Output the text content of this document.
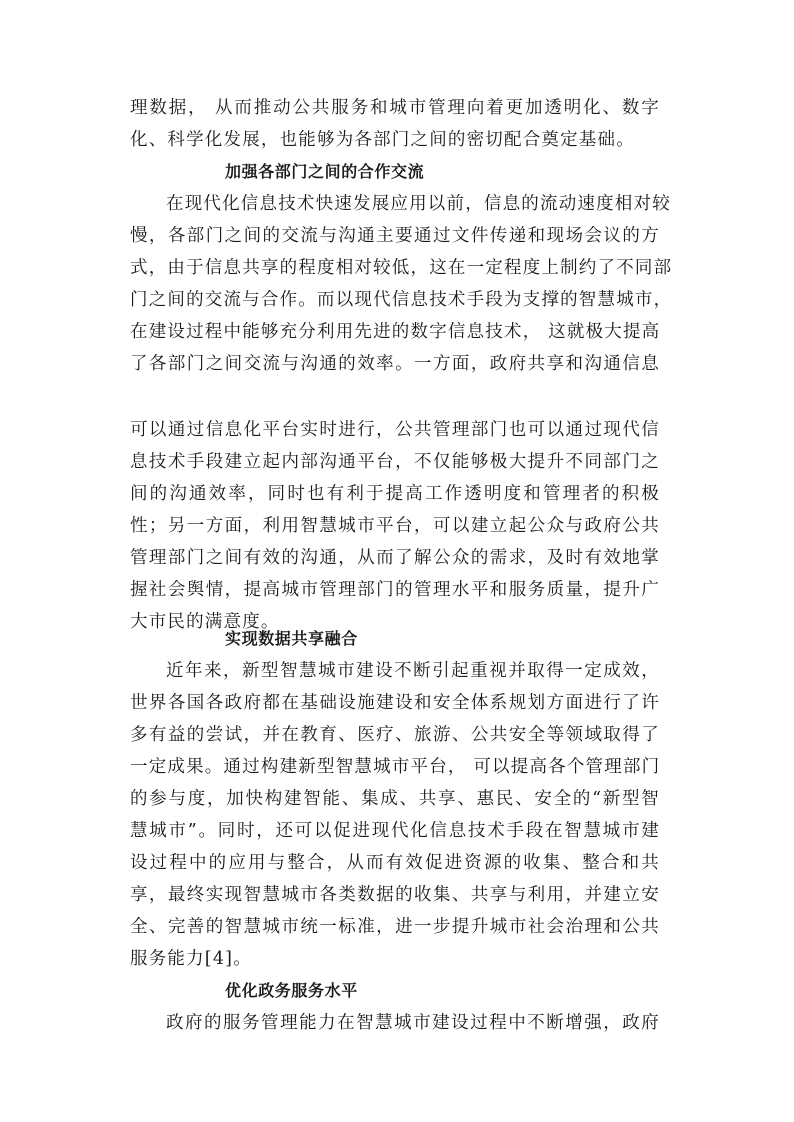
理数据， 从而推动公共服务和城市管理向着更加透明化、数字
化、科学化发展，也能够为各部门之间的密切配合奠定基础。
加强各部门之间的合作交流
在现代化信息技术快速发展应用以前，信息的流动速度相对较
慢，各部门之间的交流与沟通主要通过文件传递和现场会议的方
式，由于信息共享的程度相对较低，这在一定程度上制约了不同部
门之间的交流与合作。而以现代信息技术手段为支撑的智慧城市，
在建设过程中能够充分利用先进的数字信息技术， 这就极大提高
了各部门之间交流与沟通的效率。一方面，政府共享和沟通信息
可以通过信息化平台实时进行，公共管理部门也可以通过现代信
息技术手段建立起内部沟通平台，不仅能够极大提升不同部门之
间的沟通效率，同时也有利于提高工作透明度和管理者的积极
性；另一方面，利用智慧城市平台，可以建立起公众与政府公共
管理部门之间有效的沟通，从而了解公众的需求，及时有效地掌
握社会舆情，提高城市管理部门的管理水平和服务质量，提升广
大市民的满意度。
实现数据共享融合
近年来，新型智慧城市建设不断引起重视并取得一定成效，
世界各国各政府都在基础设施建设和安全体系规划方面进行了许
多有益的尝试，并在教育、医疗、旅游、公共安全等领域取得了
一定成果。通过构建新型智慧城市平台， 可以提高各个管理部门
的参与度，加快构建智能、集成、共享、惠民、安全的“新型智
慧城市”。同时，还可以促进现代化信息技术手段在智慧城市建
设过程中的应用与整合，从而有效促进资源的收集、整合和共
享，最终实现智慧城市各类数据的收集、共享与利用，并建立安
全、完善的智慧城市统一标准，进一步提升城市社会治理和公共
服务能力[4]。
优化政务服务水平
政府的服务管理能力在智慧城市建设过程中不断增强，政府
